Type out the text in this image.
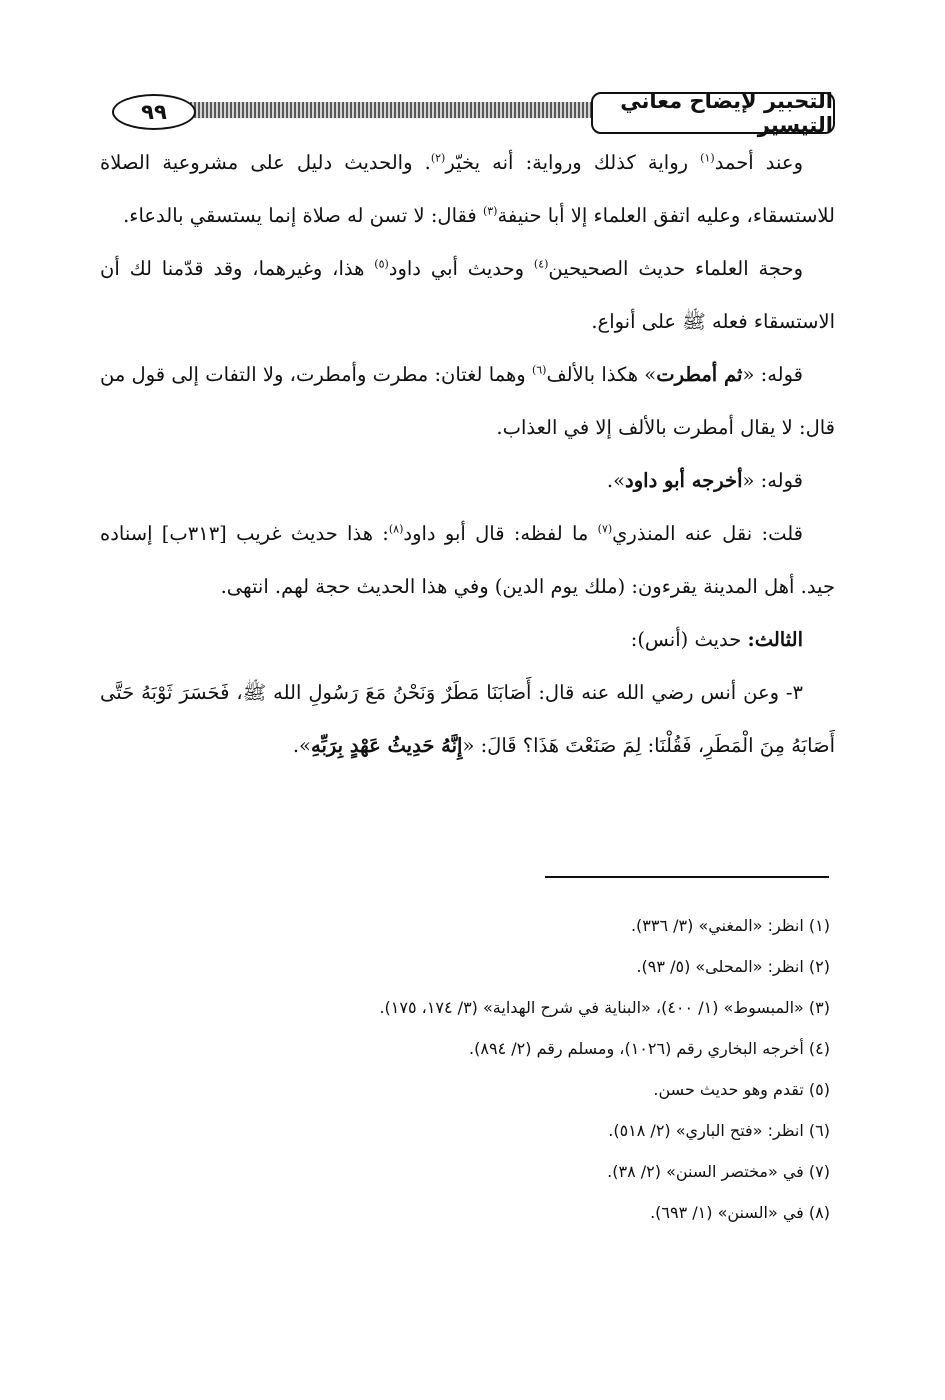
التحبير لإيضاح معاني التيسير
٩٩

وعند أحمد$^{(١)}$ رواية كذلك ورواية: أنه يخيّر$^{(٢)}$. والحديث دليل على مشروعية الصلاة للاستسقاء، وعليه اتفق العلماء إلا أبا حنيفة$^{(٣)}$ فقال: لا تسن له صلاة إنما يستسقي بالدعاء.

وحجة العلماء حديث الصحيحين$^{(٤)}$ وحديث أبي داود$^{(٥)}$ هذا، وغيرهما، وقد قدّمنا لك أن الاستسقاء فعله ﷺ على أنواع.

قوله: «ثم أمطرت» هكذا بالألف$^{(٦)}$ وهما لغتان: مطرت وأمطرت، ولا التفات إلى قول من قال: لا يقال أمطرت بالألف إلا في العذاب.

قوله: «أخرجه أبو داود».

قلت: نقل عنه المنذري$^{(٧)}$ ما لفظه: قال أبو داود$^{(٨)}$: هذا حديث غريب [٣١٣ب] إسناده جيد. أهل المدينة يقرءون: (ملك يوم الدين) وفي هذا الحديث حجة لهم. انتهى.

الثالث: حديث (أنس):

٣- وعن أنس رضي الله عنه قال: أَصَابَنَا مَطَرٌ وَنَحْنُ مَعَ رَسُولِ الله ﷺ، فَحَسَرَ ثَوْبَهُ حَتَّى أَصَابَهُ مِنَ الْمَطَرِ، فَقُلْنَا: لِمَ صَنَعْتَ هَذَا؟ قَالَ: «إِنَّهُ حَدِيثُ عَهْدٍ بِرَبِّهِ».

(١) انظر: «المغني» (٣/ ٣٣٦).
(٢) انظر: «المحلى» (٥/ ٩٣).
(٣) «المبسوط» (١/ ٤٠٠)، «البناية في شرح الهداية» (٣/ ١٧٤، ١٧٥).
(٤) أخرجه البخاري رقم (١٠٢٦)، ومسلم رقم (٢/ ٨٩٤).
(٥) تقدم وهو حديث حسن.
(٦) انظر: «فتح الباري» (٢/ ٥١٨).
(٧) في «مختصر السنن» (٢/ ٣٨).
(٨) في «السنن» (١/ ٦٩٣).
